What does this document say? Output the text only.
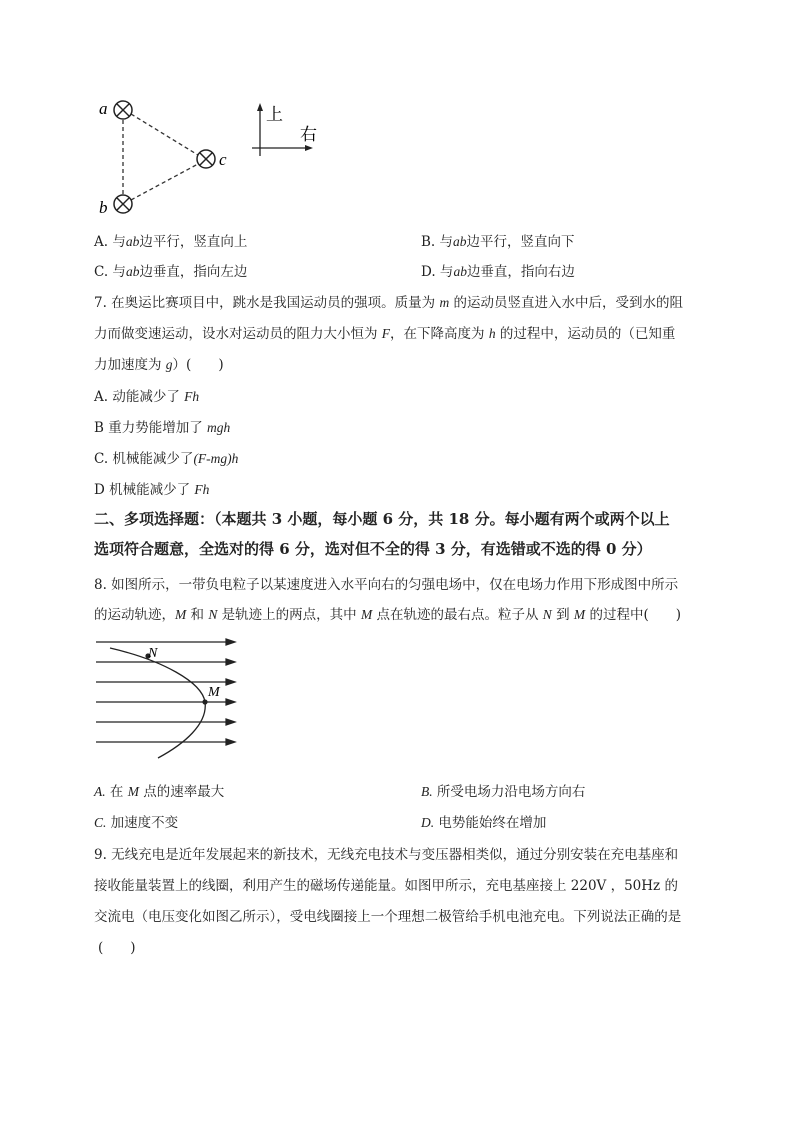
a
b
c
上
右
A. 与ab边平行，竖直向上	B. 与ab边平行，竖直向下
C. 与ab边垂直，指向左边	D. 与ab边垂直，指向右边
7. 在奥运比赛项目中，跳水是我国运动员的强项。质量为 m 的运动员竖直进入水中后，受到水的阻
力而做变速运动，设水对运动员的阻力大小恒为 F，在下降高度为 h 的过程中，运动员的（已知重
力加速度为 g）(　　)
A. 动能减少了 Fh
B 重力势能增加了 mgh
C. 机械能减少了(F-mg)h
D 机械能减少了 Fh
二、多项选择题：（本题共 3 小题，每小题 6 分，共 18 分。每小题有两个或两个以上
选项符合题意，全选对的得 6 分，选对但不全的得 3 分，有选错或不选的得 0 分）
8. 如图所示，一带负电粒子以某速度进入水平向右的匀强电场中，仅在电场力作用下形成图中所示
的运动轨迹，M 和 N 是轨迹上的两点，其中 M 点在轨迹的最右点。粒子从 N 到 M 的过程中(　　)
N
M
A. 在 M 点的速率最大	B. 所受电场力沿电场方向右
C. 加速度不变	D. 电势能始终在增加
9. 无线充电是近年发展起来的新技术，无线充电技术与变压器相类似，通过分别安装在充电基座和
接收能量装置上的线圈，利用产生的磁场传递能量。如图甲所示，充电基座接上 220V ，50Hz 的
交流电（电压变化如图乙所示），受电线圈接上一个理想二极管给手机电池充电。下列说法正确的是
(　　)
